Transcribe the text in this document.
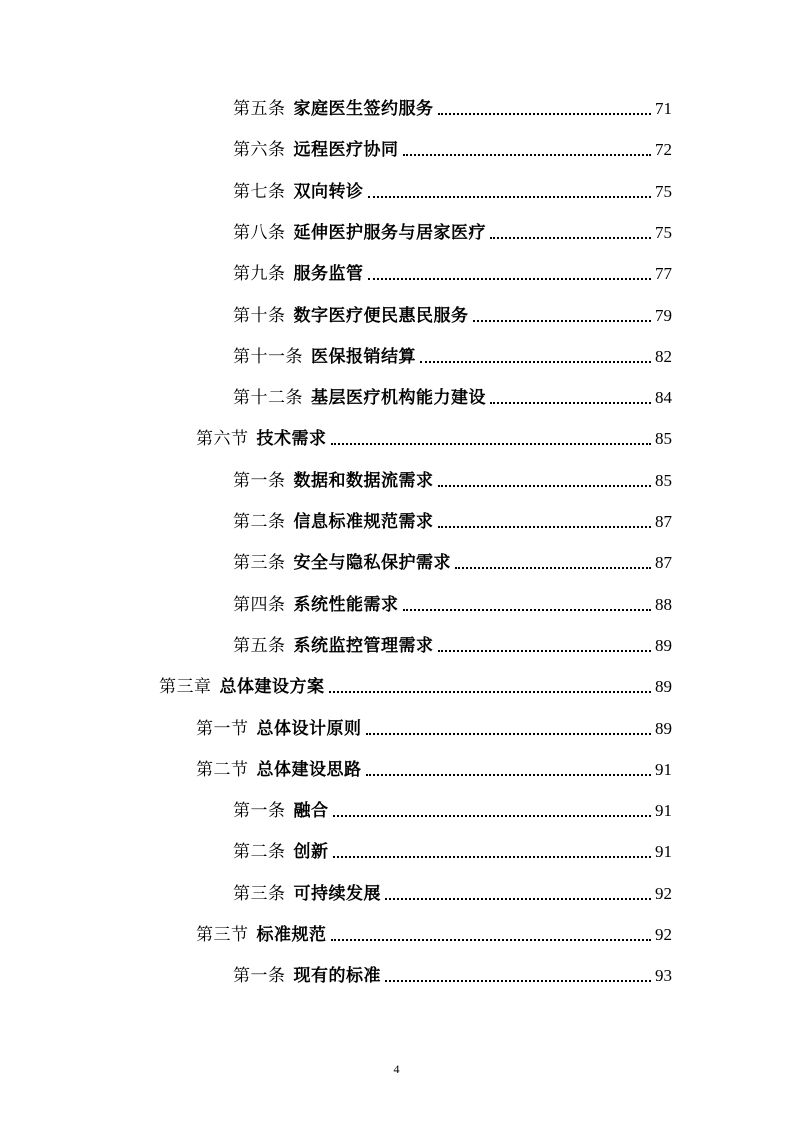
第五条 家庭医生签约服务	71
第六条 远程医疗协同	72
第七条 双向转诊	75
第八条 延伸医护服务与居家医疗	75
第九条 服务监管	77
第十条 数字医疗便民惠民服务	79
第十一条 医保报销结算	82
第十二条 基层医疗机构能力建设	84
第六节 技术需求	85
第一条 数据和数据流需求	85
第二条 信息标准规范需求	87
第三条 安全与隐私保护需求	87
第四条 系统性能需求	88
第五条 系统监控管理需求	89
第三章 总体建设方案	89
第一节 总体设计原则	89
第二节 总体建设思路	91
第一条 融合	91
第二条 创新	91
第三条 可持续发展	92
第三节 标准规范	92
第一条 现有的标准	93
4
